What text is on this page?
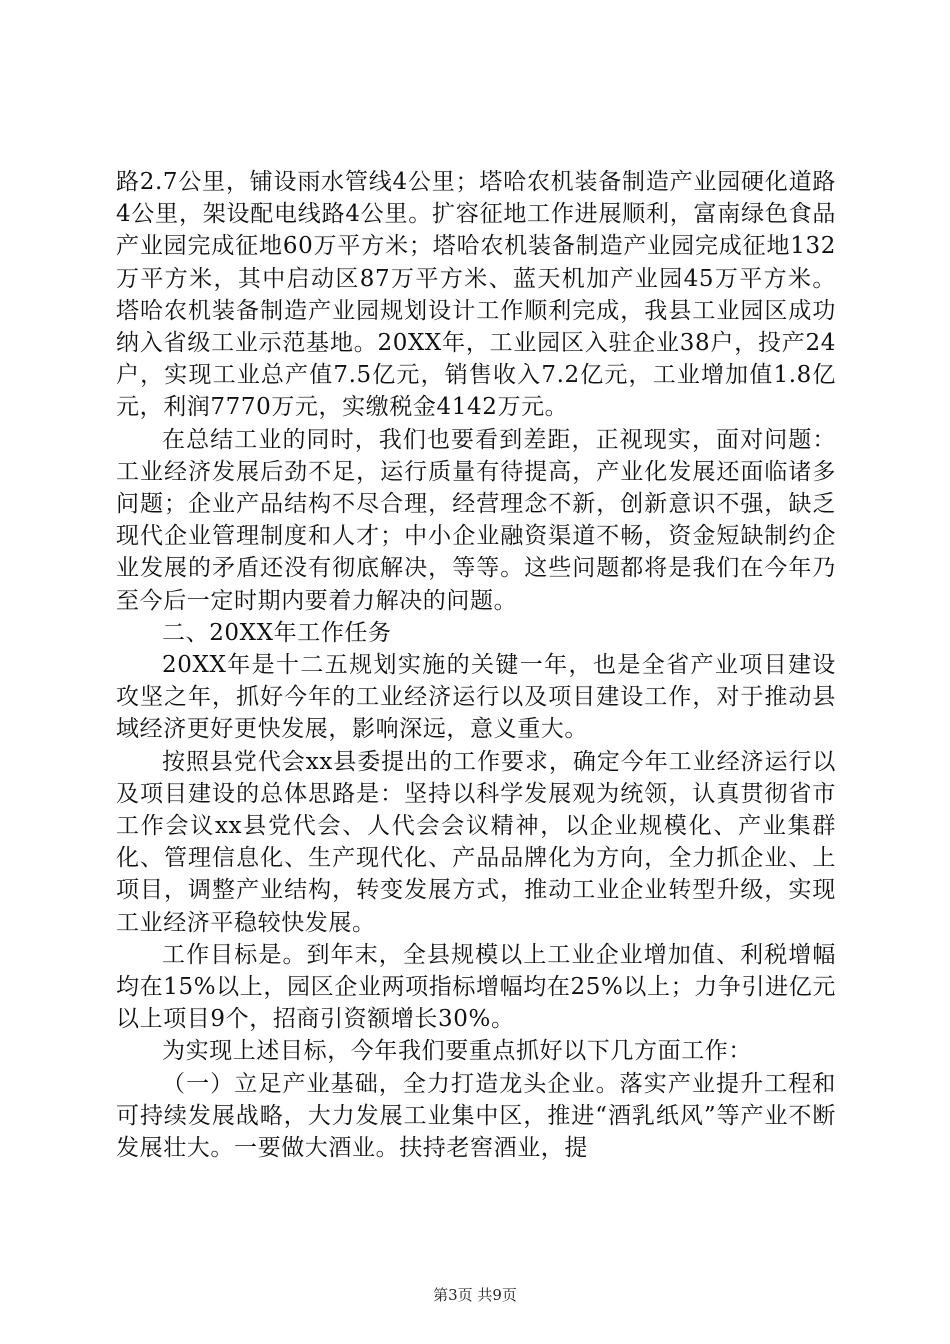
路2.7公里，铺设雨水管线4公里；塔哈农机装备制造产业园硬化道路4公里，架设配电线路4公里。扩容征地工作进展顺利，富南绿色食品产业园完成征地60万平方米；塔哈农机装备制造产业园完成征地132万平方米，其中启动区87万平方米、蓝天机加产业园45万平方米。塔哈农机装备制造产业园规划设计工作顺利完成，我县工业园区成功纳入省级工业示范基地。20XX年，工业园区入驻企业38户，投产24户，实现工业总产值7.5亿元，销售收入7.2亿元，工业增加值1.8亿元，利润7770万元，实缴税金4142万元。

在总结工业的同时，我们也要看到差距，正视现实，面对问题：工业经济发展后劲不足，运行质量有待提高，产业化发展还面临诸多问题；企业产品结构不尽合理，经营理念不新，创新意识不强，缺乏现代企业管理制度和人才；中小企业融资渠道不畅，资金短缺制约企业发展的矛盾还没有彻底解决，等等。这些问题都将是我们在今年乃至今后一定时期内要着力解决的问题。

二、20XX年工作任务

20XX年是十二五规划实施的关键一年，也是全省产业项目建设攻坚之年，抓好今年的工业经济运行以及项目建设工作，对于推动县域经济更好更快发展，影响深远，意义重大。

按照县党代会xx县委提出的工作要求，确定今年工业经济运行以及项目建设的总体思路是：坚持以科学发展观为统领，认真贯彻省市工作会议xx县党代会、人代会会议精神，以企业规模化、产业集群化、管理信息化、生产现代化、产品品牌化为方向，全力抓企业、上项目，调整产业结构，转变发展方式，推动工业企业转型升级，实现工业经济平稳较快发展。

工作目标是。到年末，全县规模以上工业企业增加值、利税增幅均在15%以上，园区企业两项指标增幅均在25%以上；力争引进亿元以上项目9个，招商引资额增长30%。

为实现上述目标，今年我们要重点抓好以下几方面工作：

（一）立足产业基础，全力打造龙头企业。落实产业提升工程和可持续发展战略，大力发展工业集中区，推进“酒乳纸风”等产业不断发展壮大。一要做大酒业。扶持老窖酒业，提

第3页 共9页
